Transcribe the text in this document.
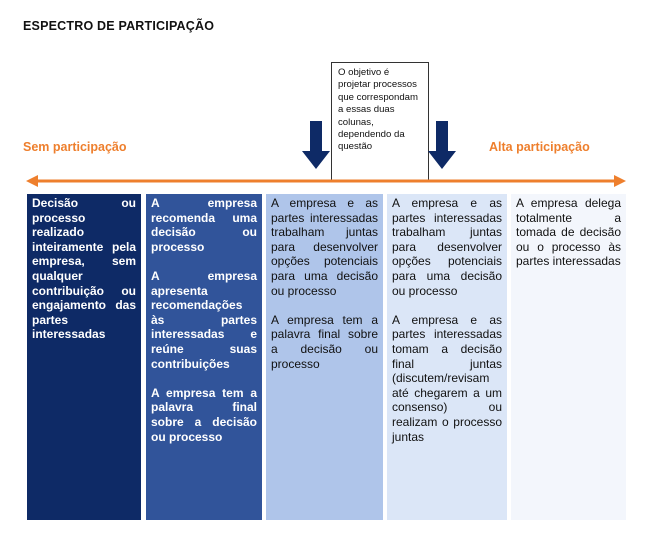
ESPECTRO DE PARTICIPAÇÃO
O objetivo é projetar processos que correspondam a essas duas colunas, dependendo da questão
Sem participação	Alta participação

Decisão ou processo realizado inteiramente pela empresa, sem qualquer contribuição ou engajamento das partes interessadas

A empresa recomenda uma decisão ou processo

A empresa apresenta recomendações às partes interessadas e reúne suas contribuições

A empresa tem a palavra final sobre a decisão ou processo

A empresa e as partes interessadas trabalham juntas para desenvolver opções potenciais para uma decisão ou processo

A empresa tem a palavra final sobre a decisão ou processo

A empresa e as partes interessadas trabalham juntas para desenvolver opções potenciais para uma decisão ou processo

A empresa e as partes interessadas tomam a decisão final juntas (discutem/revisam até chegarem a um consenso) ou realizam o processo juntas

A empresa delega totalmente a tomada de decisão ou o processo às partes interessadas
